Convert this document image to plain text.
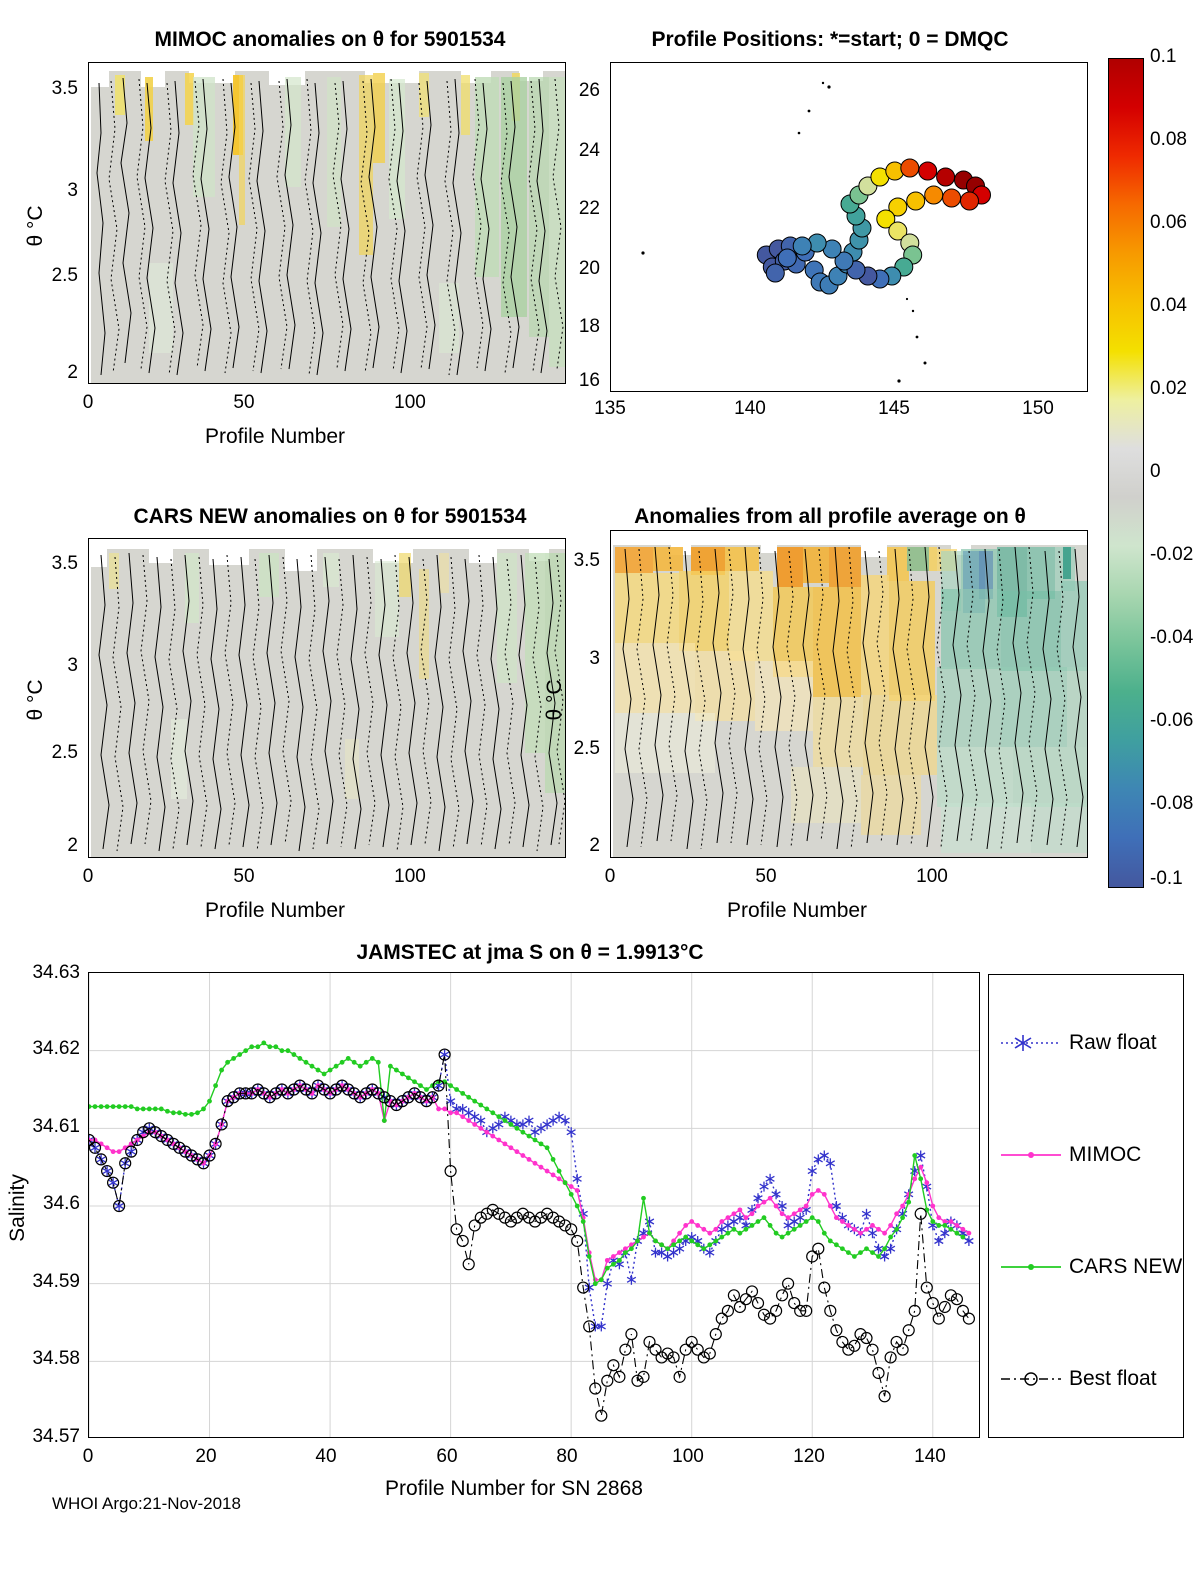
MIMOC anomalies on θ for 5901534
θ °C
2
2.5
3
3.5
0	50	100
Profile Number
Profile Positions: *=start; 0 = DMQC
16
18
20
22
24
26
135	140	145	150
0.1
0.08
0.06
0.04
0.02
0
-0.02
-0.04
-0.06
-0.08
-0.1
CARS NEW anomalies on θ for 5901534
θ °C
2
2.5
3
3.5
0	50	100
Profile Number
Anomalies from all profile average on θ
θ °C
2
2.5
3
3.5
0	50	100
Profile Number
JAMSTEC at jma S on θ = 1.9913°C
Salinity
34.57
34.58
34.59
34.6
34.61
34.62
34.63
0	20	40	60	80	100	120	140
Profile Number for SN 2868
Raw float
MIMOC
CARS NEW
Best float
WHOI Argo:21-Nov-2018
